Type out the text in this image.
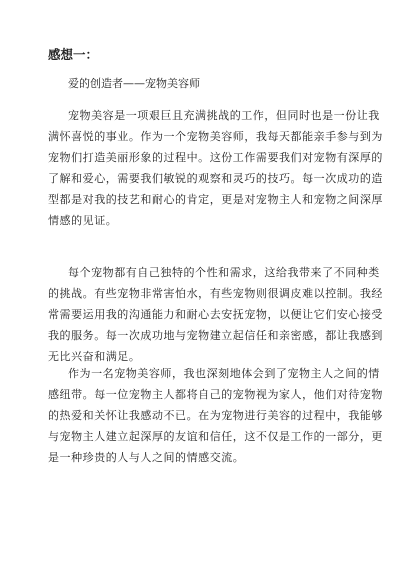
感想一：
爱的创造者——宠物美容师
宠物美容是一项艰巨且充满挑战的工作，但同时也是一份让我
满怀喜悦的事业。作为一个宠物美容师，我每天都能亲手参与到为
宠物们打造美丽形象的过程中。这份工作需要我们对宠物有深厚的
了解和爱心，需要我们敏锐的观察和灵巧的技巧。每一次成功的造
型都是对我的技艺和耐心的肯定，更是对宠物主人和宠物之间深厚
情感的见证。
每个宠物都有自己独特的个性和需求，这给我带来了不同种类
的挑战。有些宠物非常害怕水，有些宠物则很调皮难以控制。我经
常需要运用我的沟通能力和耐心去安抚宠物，以便让它们安心接受
我的服务。每一次成功地与宠物建立起信任和亲密感，都让我感到
无比兴奋和满足。
作为一名宠物美容师，我也深刻地体会到了宠物主人之间的情
感纽带。每一位宠物主人都将自己的宠物视为家人，他们对待宠物
的热爱和关怀让我感动不已。在为宠物进行美容的过程中，我能够
与宠物主人建立起深厚的友谊和信任，这不仅是工作的一部分，更
是一种珍贵的人与人之间的情感交流。
